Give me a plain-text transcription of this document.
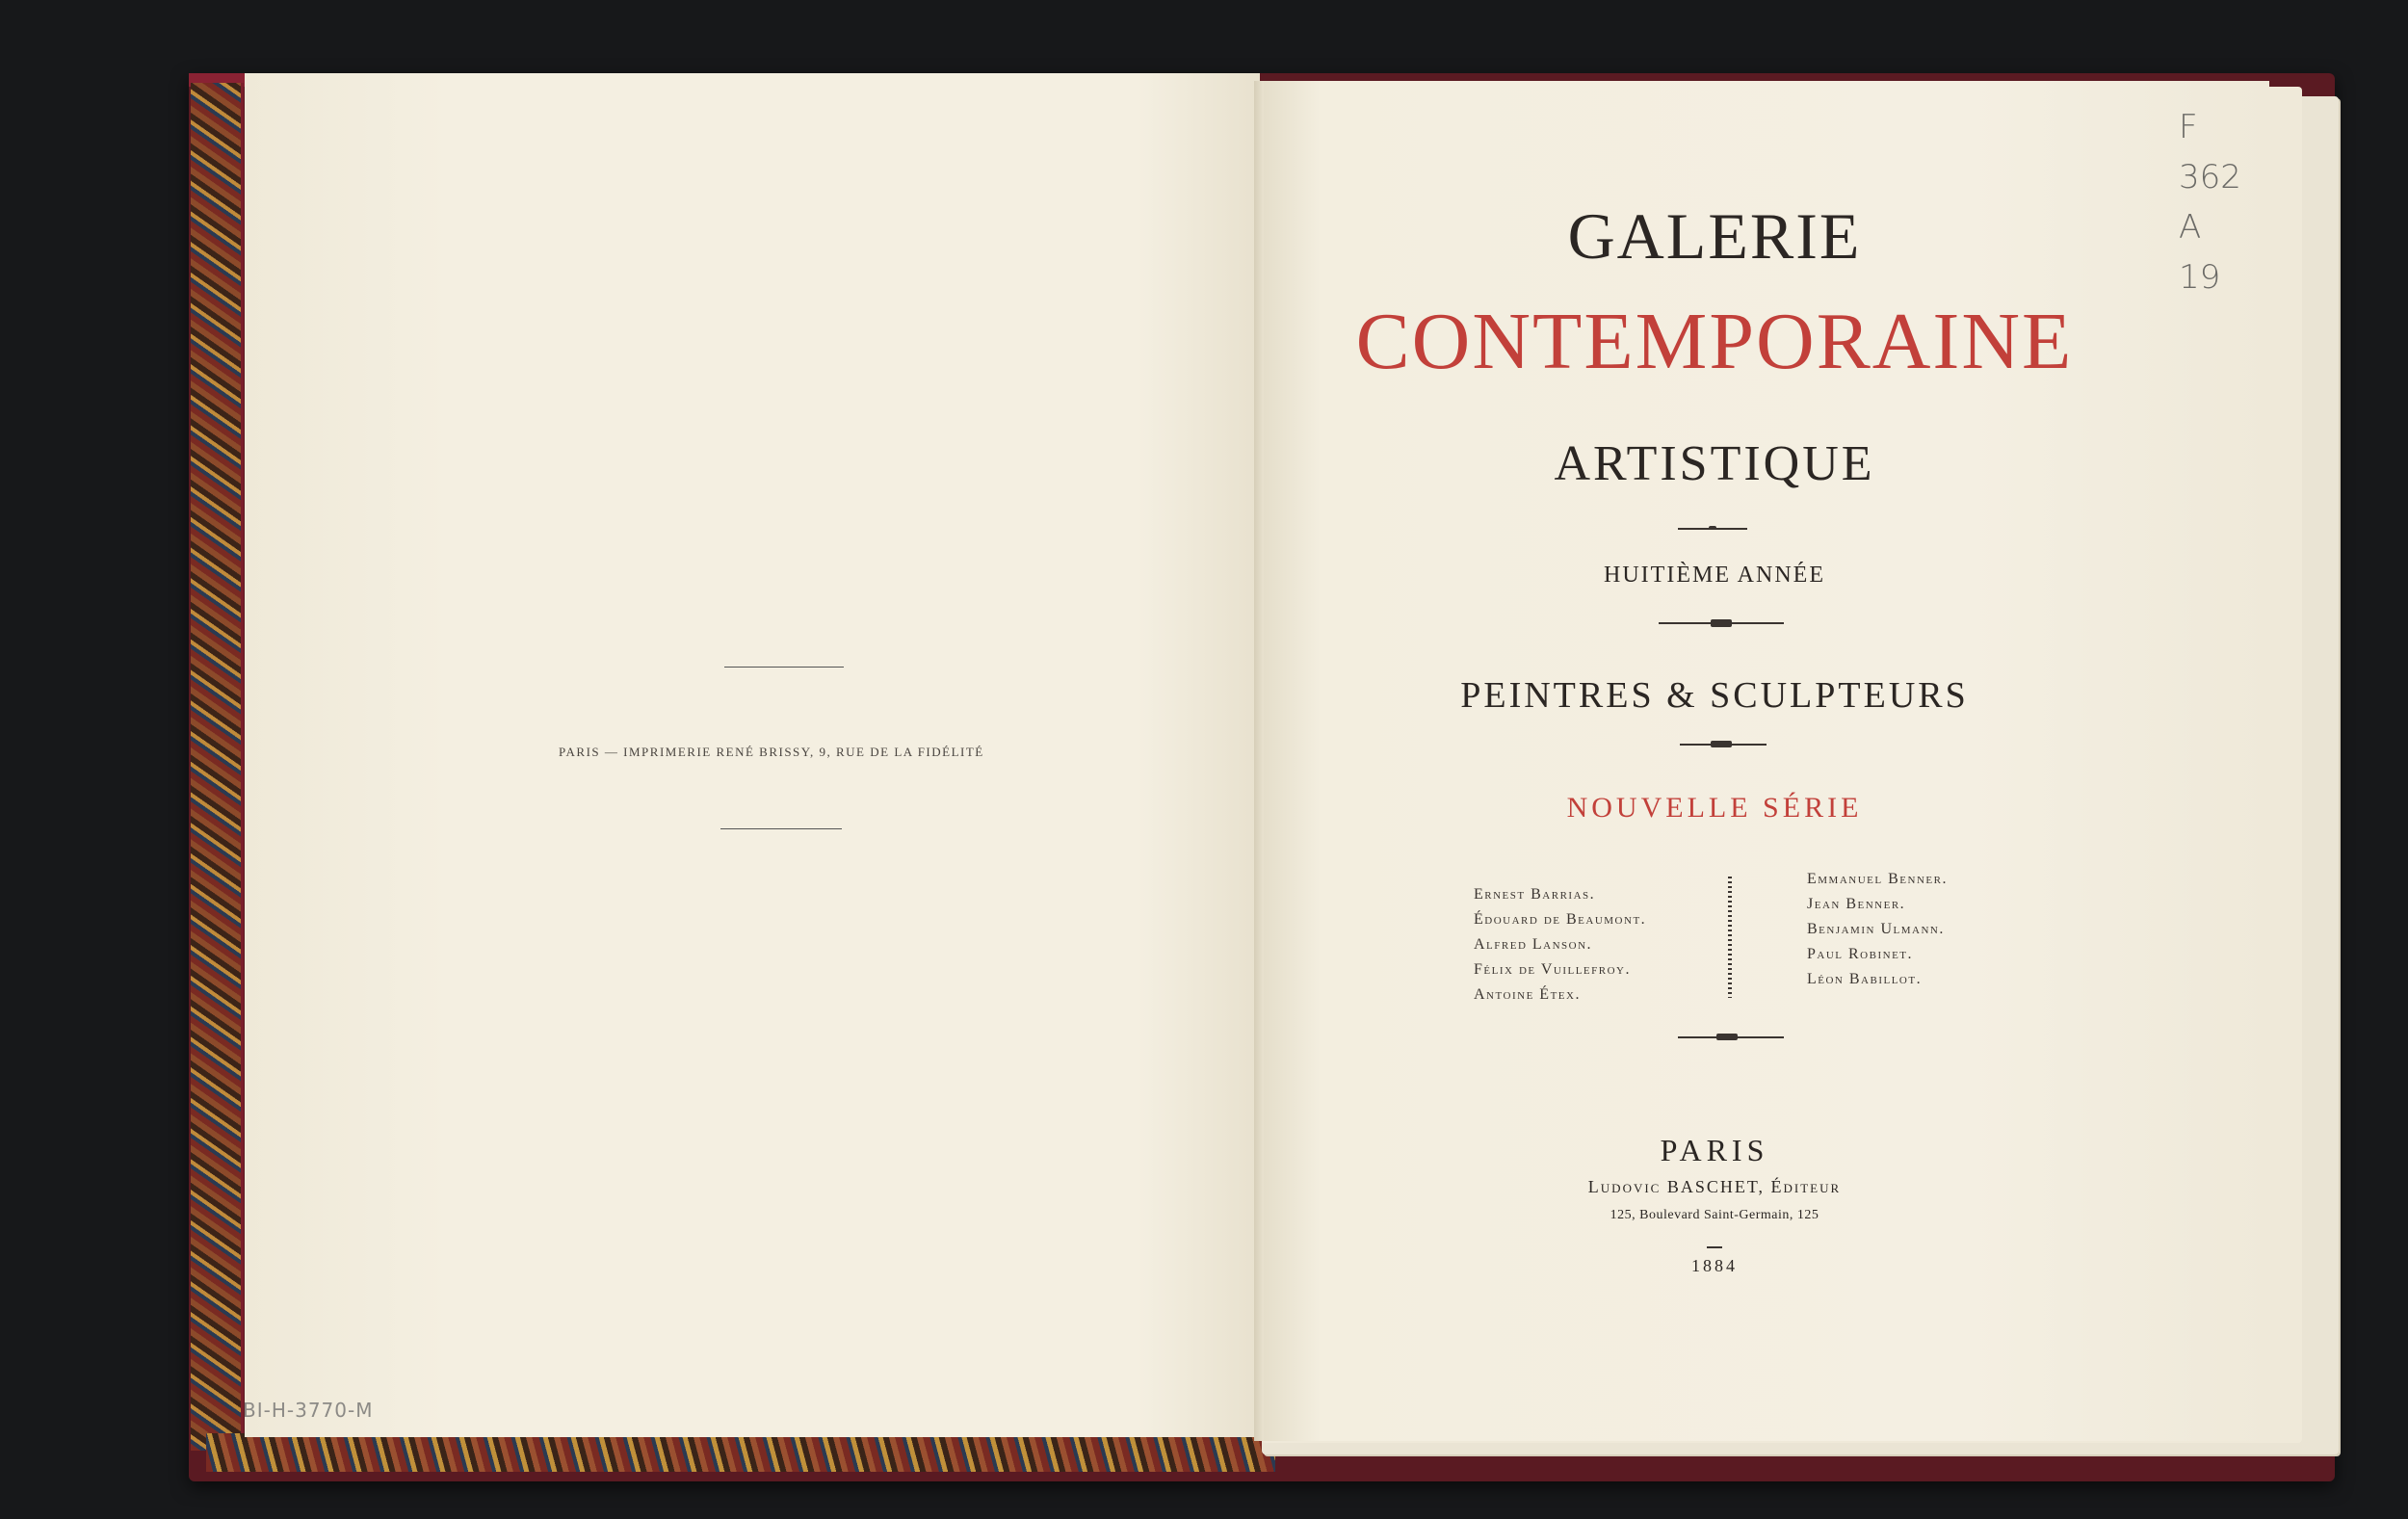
PARIS — IMPRIMERIE RENÉ BRISSY, 9, RUE DE LA FIDÉLITÉ
BI-H-3770-M
F
362
A
19
GALERIE
CONTEMPORAINE
ARTISTIQUE
HUITIÈME ANNÉE
PEINTRES & SCULPTEURS
NOUVELLE SÉRIE
Ernest Barrias.
Édouard de Beaumont.
Alfred Lanson.
Félix de Vuillefroy.
Antoine Étex.
Emmanuel Benner.
Jean Benner.
Benjamin Ulmann.
Paul Robinet.
Léon Babillot.
PARIS
Ludovic BASCHET, Éditeur
125, Boulevard Saint-Germain, 125
1884
